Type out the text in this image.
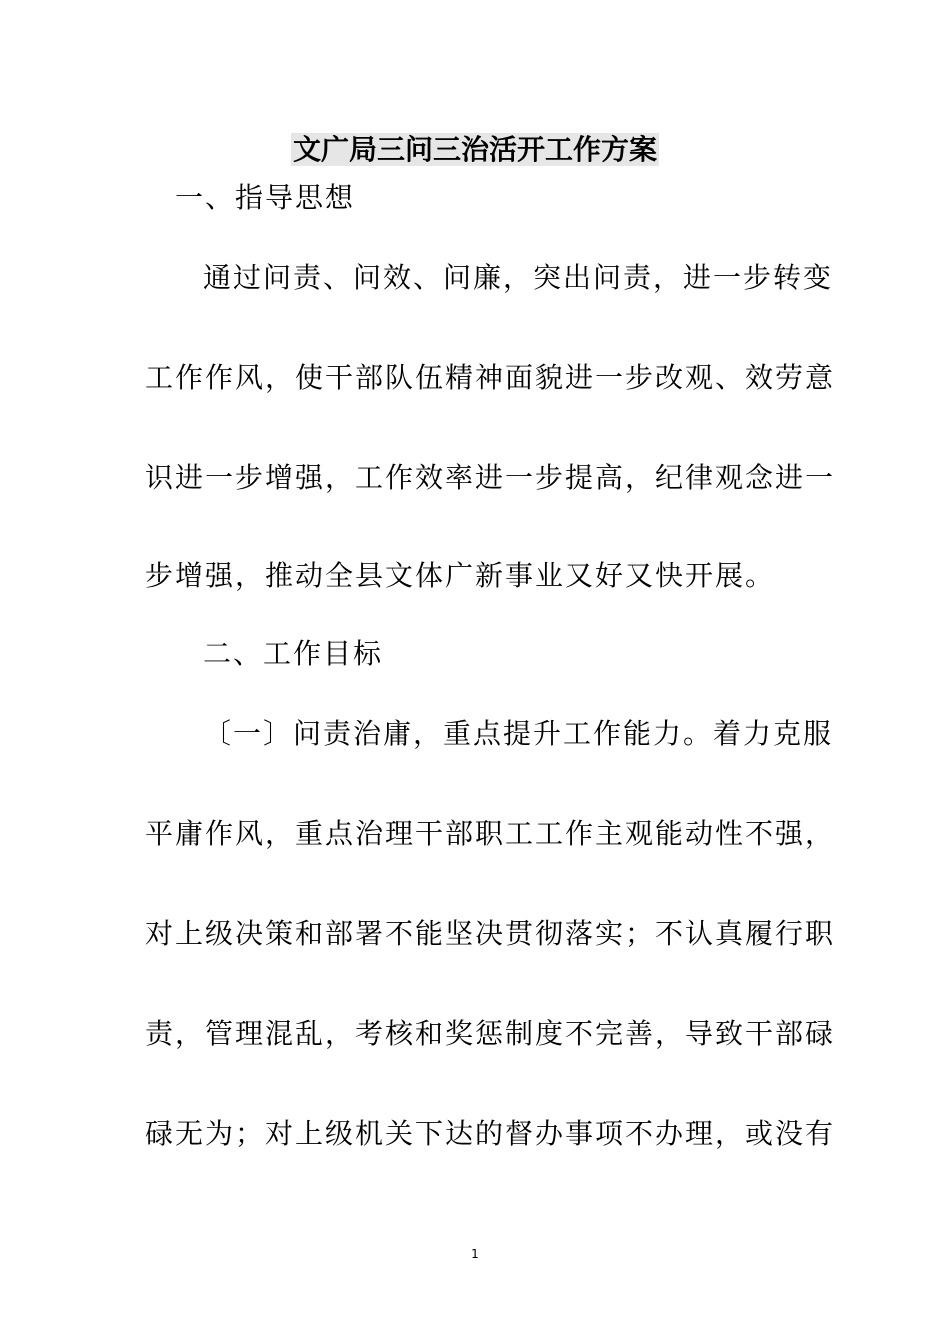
文广局三问三治活开工作方案
一、指导思想
通过问责、问效、问廉，突出问责，进一步转变
工作作风，使干部队伍精神面貌进一步改观、效劳意
识进一步增强，工作效率进一步提高，纪律观念进一
步增强，推动全县文体广新事业又好又快开展。
二、工作目标
〔一〕问责治庸，重点提升工作能力。着力克服
平庸作风，重点治理干部职工工作主观能动性不强，
对上级决策和部署不能坚决贯彻落实；不认真履行职
责，管理混乱，考核和奖惩制度不完善，导致干部碌
碌无为；对上级机关下达的督办事项不办理，或没有
1
